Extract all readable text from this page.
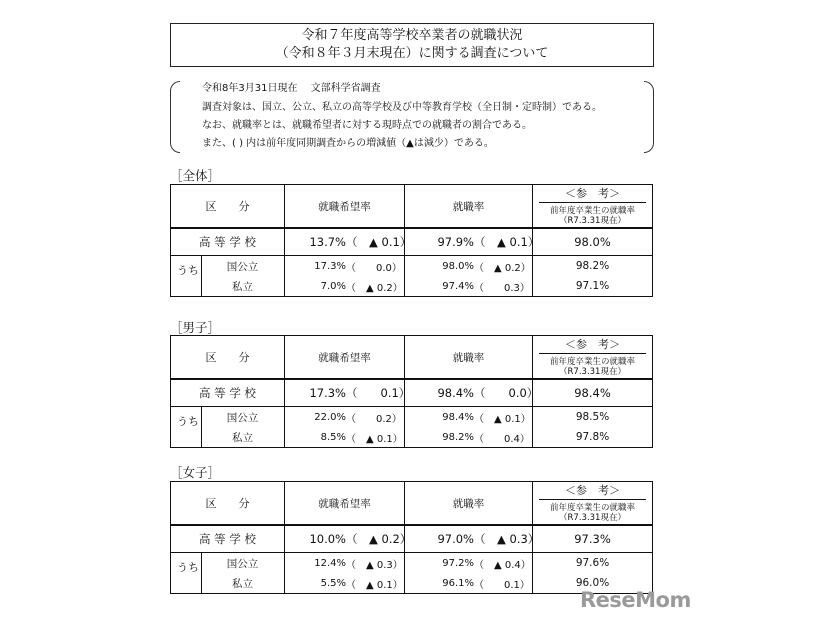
令和７年度高等学校卒業者の就職状況
（令和８年３月末現在）に関する調査について
令和8年3月31日現在　 文部科学省調査
調査対象は、国立、公立、私立の高等学校及び中等教育学校（全日制・定時制）である。
なお、就職率とは、就職希望者に対する現時点での就職者の割合である。
また、( ) 内は前年度同期調査からの増減値（▲は減少）である。
［全体］
区　　分	就職希望率	就職率	＜参　考＞
前年度卒業生の就職率
（R7.3.31現在）

高 等 学 校	13.7% （　▲ 0.1）	97.9% （　▲ 0.1）	98.0%

うち 国公立	17.3% （　　0.0）	98.0% （　▲ 0.2）	98.2%

私立	7.0% （　▲ 0.2）	97.4% （　　0.3）	97.1%
［男子］
区　　分	就職希望率	就職率	＜参　考＞
前年度卒業生の就職率
（R7.3.31現在）

高 等 学 校	17.3% （　　0.1）	98.4% （　　0.0）	98.4%

うち 国公立	22.0% （　　0.2）	98.4% （　▲ 0.1）	98.5%

私立	8.5% （　▲ 0.1）	98.2% （　　0.4）	97.8%
［女子］
区　　分	就職希望率	就職率	＜参　考＞
前年度卒業生の就職率
（R7.3.31現在）

高 等 学 校	10.0% （　▲ 0.2）	97.0% （　▲ 0.3）	97.3%

うち 国公立	12.4% （　▲ 0.3）	97.2% （　▲ 0.4）	97.6%

私立	5.5% （　▲ 0.1）	96.1% （　　0.1）	96.0%
ReseMom
